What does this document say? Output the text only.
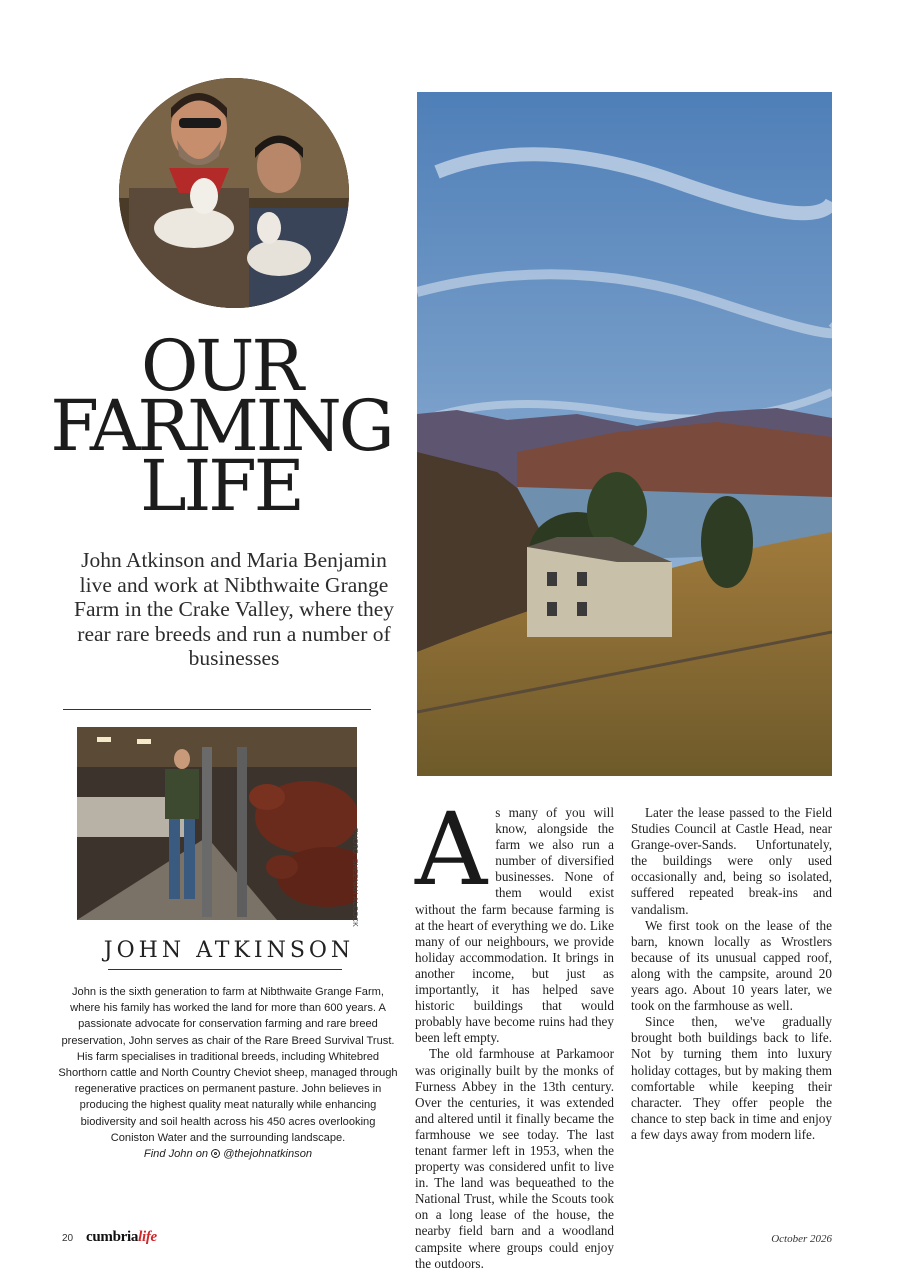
OUR
FARMING
LIFE
John Atkinson and Maria Benjamin live and work at Nibthwaite Grange Farm in the Crake Valley, where they rear rare breeds and run a number of businesses
PHOTO: SHEENAH ALCOCK
JOHN ATKINSON
John is the sixth generation to farm at Nibthwaite Grange Farm, where his family has worked the land for more than 600 years. A passionate advocate for conservation farming and rare breed preservation, John serves as chair of the Rare Breed Survival Trust. His farm specialises in traditional breeds, including Whitebred Shorthorn cattle and North Country Cheviot sheep, managed through regenerative practices on permanent pasture. John believes in producing the highest quality meat naturally while enhancing biodiversity and soil health across his 450 acres overlooking Coniston Water and the surrounding landscape.
Find John on @thejohnatkinson

As many of you will know, alongside the farm we also run a number of diversified businesses. None of them would exist without the farm because farming is at the heart of everything we do. Like many of our neighbours, we provide holiday accommodation. It brings in another income, but just as importantly, it has helped save historic buildings that would probably have become ruins had they been left empty.

The old farmhouse at Parkamoor was originally built by the monks of Furness Abbey in the 13th century. Over the centuries, it was extended and altered until it finally became the farmhouse we see today. The last tenant farmer left in 1953, when the property was considered unfit to live in. The land was bequeathed to the National Trust, while the Scouts took on a long lease of the house, the nearby field barn and a woodland campsite where groups could enjoy the outdoors.

Later the lease passed to the Field Studies Council at Castle Head, near Grange-over-Sands. Unfortunately, the buildings were only used occasionally and, being so isolated, suffered repeated break-ins and vandalism.

We first took on the lease of the barn, known locally as Wrostlers because of its unusual capped roof, along with the campsite, around 20 years ago. About 10 years later, we took on the farmhouse as well.

Since then, we've gradually brought both buildings back to life. Not by turning them into luxury holiday cottages, but by making them comfortable while keeping their character. They offer people the chance to step back in time and enjoy a few days away from modern life.

20 cumbrialife	October 2026
